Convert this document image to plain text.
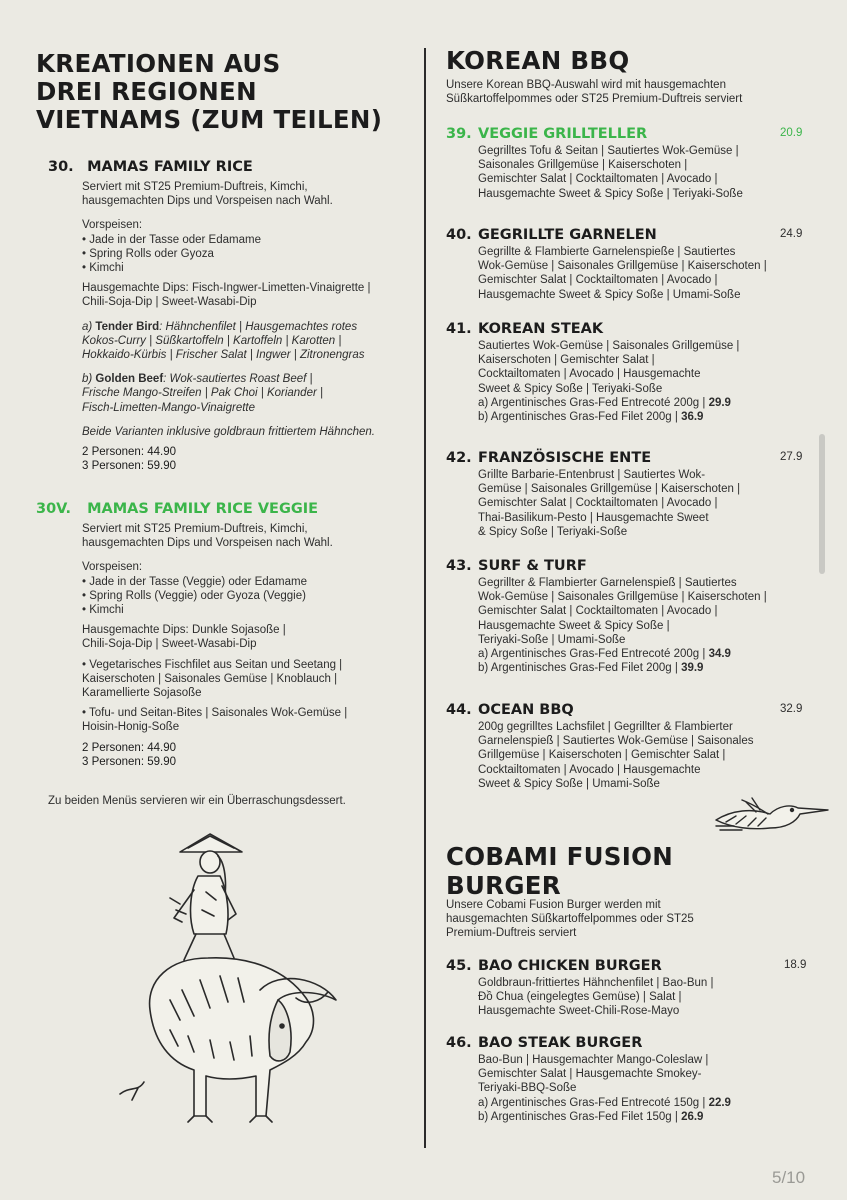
KREATIONEN AUS
DREI REGIONEN
VIETNAMS (ZUM TEILEN)
30. MAMAS FAMILY RICE
Serviert mit ST25 Premium-Duftreis, Kimchi,
hausgemachten Dips und Vorspeisen nach Wahl.
Vorspeisen:
• Jade in der Tasse oder Edamame
• Spring Rolls oder Gyoza
• Kimchi
Hausgemachte Dips: Fisch-Ingwer-Limetten-Vinaigrette |
Chili-Soja-Dip | Sweet-Wasabi-Dip
a) Tender Bird: Hähnchenfilet | Hausgemachtes rotes
Kokos-Curry | Süßkartoffeln | Kartoffeln | Karotten |
Hokkaido-Kürbis | Frischer Salat | Ingwer | Zitronengras
b) Golden Beef: Wok-sautiertes Roast Beef |
Frische Mango-Streifen | Pak Choi | Koriander |
Fisch-Limetten-Mango-Vinaigrette
Beide Varianten inklusive goldbraun frittiertem Hähnchen.
2 Personen: 44.90
3 Personen: 59.90
30V. MAMAS FAMILY RICE VEGGIE
Serviert mit ST25 Premium-Duftreis, Kimchi,
hausgemachten Dips und Vorspeisen nach Wahl.
Vorspeisen:
• Jade in der Tasse (Veggie) oder Edamame
• Spring Rolls (Veggie) oder Gyoza (Veggie)
• Kimchi
Hausgemachte Dips: Dunkle Sojasoße |
Chili-Soja-Dip | Sweet-Wasabi-Dip
• Vegetarisches Fischfilet aus Seitan und Seetang |
Kaiserschoten | Saisonales Gemüse | Knoblauch |
Karamellierte Sojasoße
• Tofu- und Seitan-Bites | Saisonales Wok-Gemüse |
Hoisin-Honig-Soße
2 Personen: 44.90
3 Personen: 59.90
Zu beiden Menüs servieren wir ein Überraschungsdessert.
KOREAN BBQ
Unsere Korean BBQ-Auswahl wird mit hausgemachten
Süßkartoffelpommes oder ST25 Premium-Duftreis serviert
39. VEGGIE GRILLTELLER	20.9
Gegrilltes Tofu & Seitan | Sautiertes Wok-Gemüse |
Saisonales Grillgemüse | Kaiserschoten |
Gemischter Salat | Cocktailtomaten | Avocado |
Hausgemachte Sweet & Spicy Soße | Teriyaki-Soße
40. GEGRILLTE GARNELEN	24.9
Gegrillte & Flambierte Garnelenspieße | Sautiertes
Wok-Gemüse | Saisonales Grillgemüse | Kaiserschoten |
Gemischter Salat | Cocktailtomaten | Avocado |
Hausgemachte Sweet & Spicy Soße | Umami-Soße
41. KOREAN STEAK
Sautiertes Wok-Gemüse | Saisonales Grillgemüse |
Kaiserschoten | Gemischter Salat |
Cocktailtomaten | Avocado | Hausgemachte
Sweet & Spicy Soße | Teriyaki-Soße
a) Argentinisches Gras-Fed Entrecoté 200g | 29.9
b) Argentinisches Gras-Fed Filet 200g | 36.9
42. FRANZÖSISCHE ENTE	27.9
Grillte Barbarie-Entenbrust | Sautiertes Wok-
Gemüse | Saisonales Grillgemüse | Kaiserschoten |
Gemischter Salat | Cocktailtomaten | Avocado |
Thai-Basilikum-Pesto | Hausgemachte Sweet
& Spicy Soße | Teriyaki-Soße
43. SURF & TURF
Gegrillter & Flambierter Garnelenspieß | Sautiertes
Wok-Gemüse | Saisonales Grillgemüse | Kaiserschoten |
Gemischter Salat | Cocktailtomaten | Avocado |
Hausgemachte Sweet & Spicy Soße |
Teriyaki-Soße | Umami-Soße
a) Argentinisches Gras-Fed Entrecoté 200g | 34.9
b) Argentinisches Gras-Fed Filet 200g | 39.9
44. OCEAN BBQ	32.9
200g gegrilltes Lachsfilet | Gegrillter & Flambierter
Garnelenspieß | Sautiertes Wok-Gemüse | Saisonales
Grillgemüse | Kaiserschoten | Gemischter Salat |
Cocktailtomaten | Avocado | Hausgemachte
Sweet & Spicy Soße | Umami-Soße
COBAMI FUSION
BURGER
Unsere Cobami Fusion Burger werden mit
hausgemachten Süßkartoffelpommes oder ST25
Premium-Duftreis serviert
45. BAO CHICKEN BURGER	18.9
Goldbraun-frittiertes Hähnchenfilet | Bao-Bun |
Đồ Chua (eingelegtes Gemüse) | Salat |
Hausgemachte Sweet-Chili-Rose-Mayo
46. BAO STEAK BURGER
Bao-Bun | Hausgemachter Mango-Coleslaw |
Gemischter Salat | Hausgemachte Smokey-
Teriyaki-BBQ-Soße
a) Argentinisches Gras-Fed Entrecoté 150g | 22.9
b) Argentinisches Gras-Fed Filet 150g | 26.9
5/10
